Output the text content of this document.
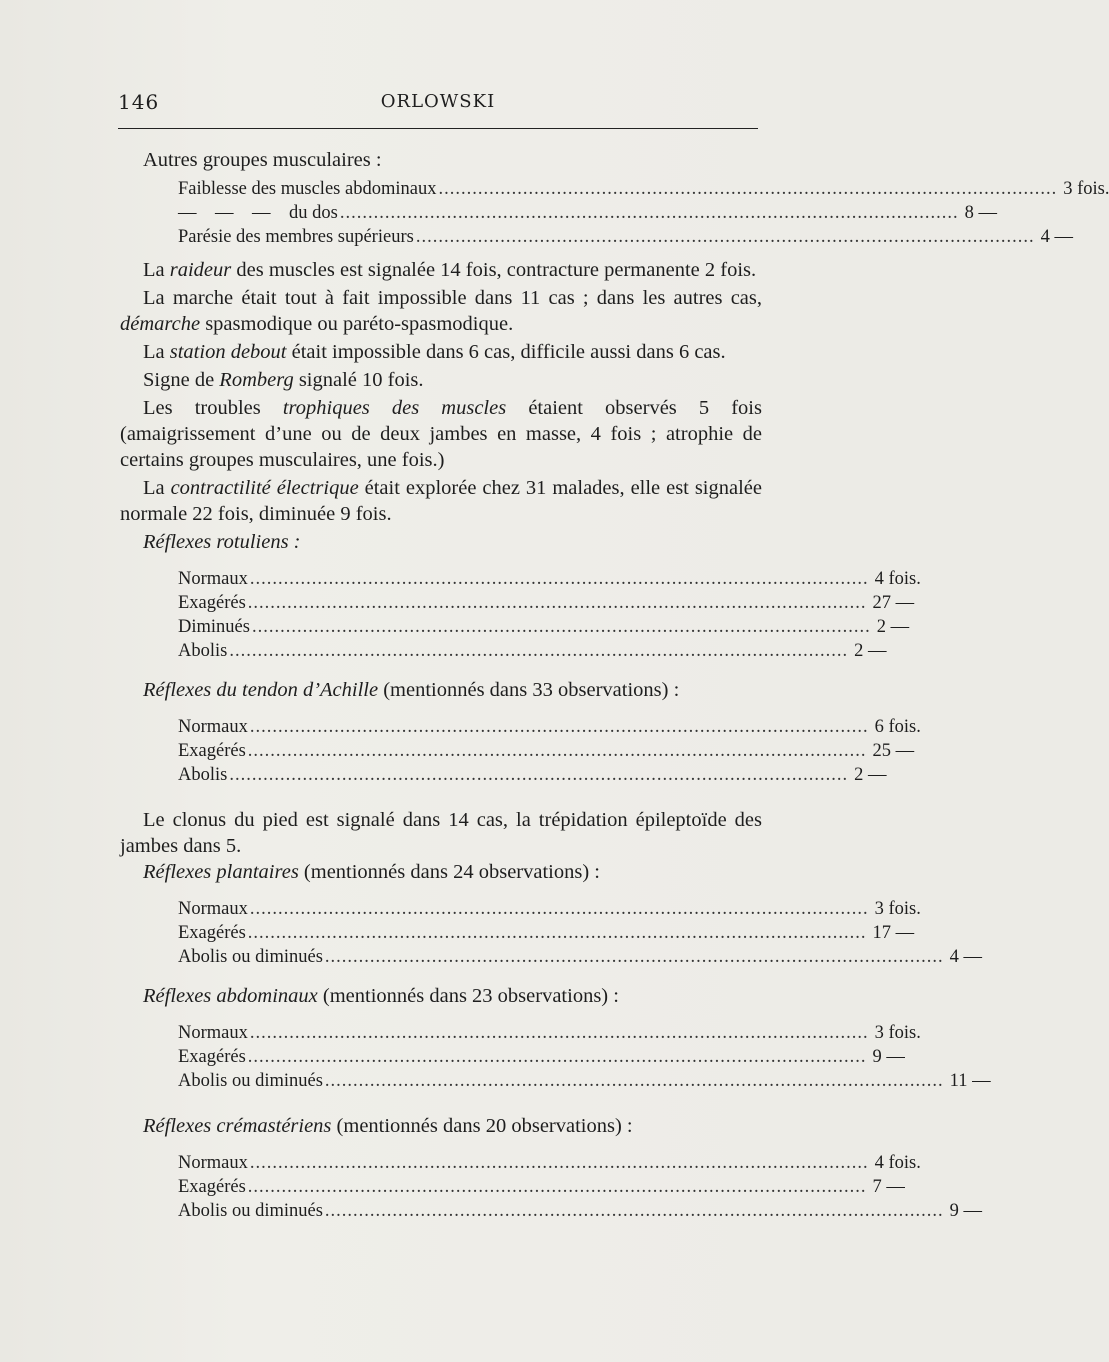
146	ORLOWSKI

Autres groupes musculaires :

Faiblesse des muscles abdominaux .............................................................................................................. 3 fois.
—    —    —    du dos .............................................................................................................. 8 —
Parésie des membres supérieurs .............................................................................................................. 4 —

La raideur des muscles est signalée 14 fois, contracture permanente 2 fois.

La marche était tout à fait impossible dans 11 cas ; dans les autres cas, démarche spasmodique ou paréto-spasmodique.

La station debout était impossible dans 6 cas, difficile aussi dans 6 cas.

Signe de Romberg signalé 10 fois.

Les troubles trophiques des muscles étaient observés 5 fois (amaigrissement d’une ou de deux jambes en masse, 4 fois ; atrophie de certains groupes musculaires, une fois.)

La contractilité électrique était explorée chez 31 malades, elle est signalée normale 22 fois, diminuée 9 fois.

Réflexes rotuliens :

Normaux .............................................................................................................. 4 fois.
Exagérés .............................................................................................................. 27 —
Diminués .............................................................................................................. 2 —
Abolis .............................................................................................................. 2 —

Réflexes du tendon d’Achille (mentionnés dans 33 observations) :

Normaux .............................................................................................................. 6 fois.
Exagérés .............................................................................................................. 25 —
Abolis .............................................................................................................. 2 —

Le clonus du pied est signalé dans 14 cas, la trépidation épileptoïde des jambes dans 5.

Réflexes plantaires (mentionnés dans 24 observations) :

Normaux .............................................................................................................. 3 fois.
Exagérés .............................................................................................................. 17 —
Abolis ou diminués .............................................................................................................. 4 —

Réflexes abdominaux (mentionnés dans 23 observations) :

Normaux .............................................................................................................. 3 fois.
Exagérés .............................................................................................................. 9 —
Abolis ou diminués .............................................................................................................. 11 —

Réflexes crémastériens (mentionnés dans 20 observations) :

Normaux .............................................................................................................. 4 fois.
Exagérés .............................................................................................................. 7 —
Abolis ou diminués .............................................................................................................. 9 —
